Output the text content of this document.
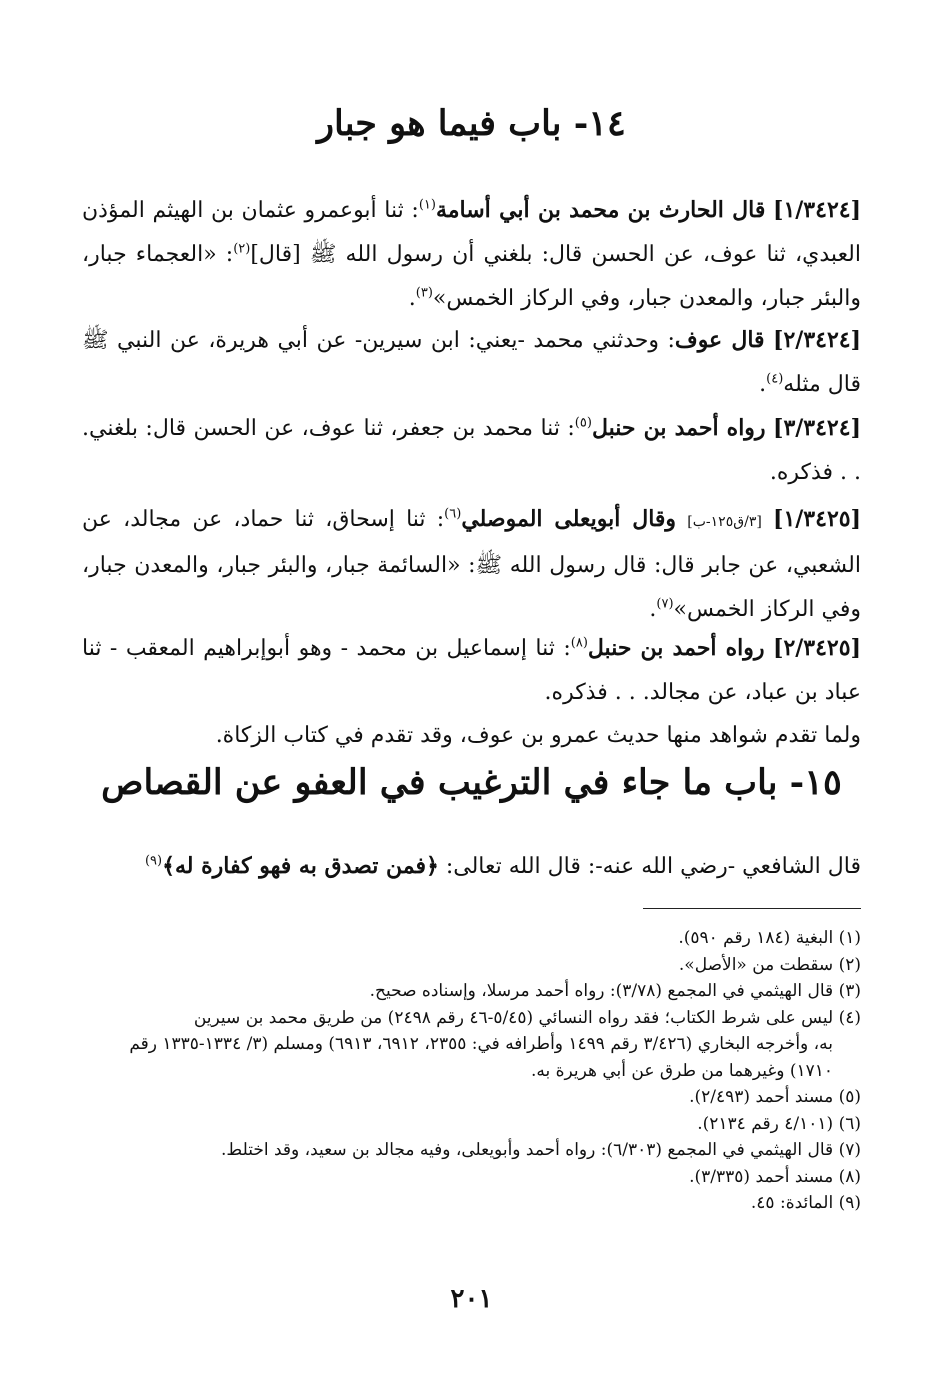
١٤- باب فيما هو جبار

[١/٣٤٢٤] قال الحارث بن محمد بن أبي أسامة$^{(١)}$: ثنا أبوعمرو عثمان بن الهيثم المؤذن العبدي، ثنا عوف، عن الحسن قال: بلغني أن رسول الله ﷺ [قال]$^{(٢)}$: «العجماء جبار، والبئر جبار، والمعدن جبار، وفي الركاز الخمس»$^{(٣)}$.

[٢/٣٤٢٤] قال عوف: وحدثني محمد -يعني: ابن سيرين- عن أبي هريرة، عن النبي ﷺ قال مثله$^{(٤)}$.

[٣/٣٤٢٤] رواه أحمد بن حنبل$^{(٥)}$: ثنا محمد بن جعفر، ثنا عوف، عن الحسن قال: بلغني. . . فذكره.

[١/٣٤٢٥] [٣/ق١٢٥-ب] وقال أبويعلى الموصلي$^{(٦)}$: ثنا إسحاق، ثنا حماد، عن مجالد، عن الشعبي، عن جابر قال: قال رسول الله ﷺ: «السائمة جبار، والبئر جبار، والمعدن جبار، وفي الركاز الخمس»$^{(٧)}$.

[٢/٣٤٢٥] رواه أحمد بن حنبل$^{(٨)}$: ثنا إسماعيل بن محمد - وهو أبوإبراهيم المعقب - ثنا عباد بن عباد، عن مجالد. . . فذكره.

ولما تقدم شواهد منها حديث عمرو بن عوف، وقد تقدم في كتاب الزكاة.

١٥- باب ما جاء في الترغيب في العفو عن القصاص

قال الشافعي -رضي الله عنه-: قال الله تعالى: ﴿فمن تصدق به فهو كفارة له﴾$^{(٩)}$

(١) البغية (١٨٤ رقم ٥٩٠).

(٢) سقطت من «الأصل».

(٣) قال الهيثمي في المجمع (٣/٧٨): رواه أحمد مرسلا، وإسناده صحيح.

(٤) ليس على شرط الكتاب؛ فقد رواه النسائي (٥/٤٥-٤٦ رقم ٢٤٩٨) من طريق محمد بن سيرين
به، وأخرجه البخاري (٣/٤٢٦ رقم ١٤٩٩ وأطرافه في: ٢٣٥٥، ٦٩١٢، ٦٩١٣) ومسلم (٣/ ١٣٣٤-١٣٣٥ رقم ١٧١٠) وغيرهما من طرق عن أبي هريرة به.

(٥) مسند أحمد (٢/٤٩٣).

(٦) (٤/١٠١ رقم ٢١٣٤).

(٧) قال الهيثمي في المجمع (٦/٣٠٣): رواه أحمد وأبويعلى، وفيه مجالد بن سعيد، وقد اختلط.

(٨) مسند أحمد (٣/٣٣٥).

(٩) المائدة: ٤٥.

٢٠١
